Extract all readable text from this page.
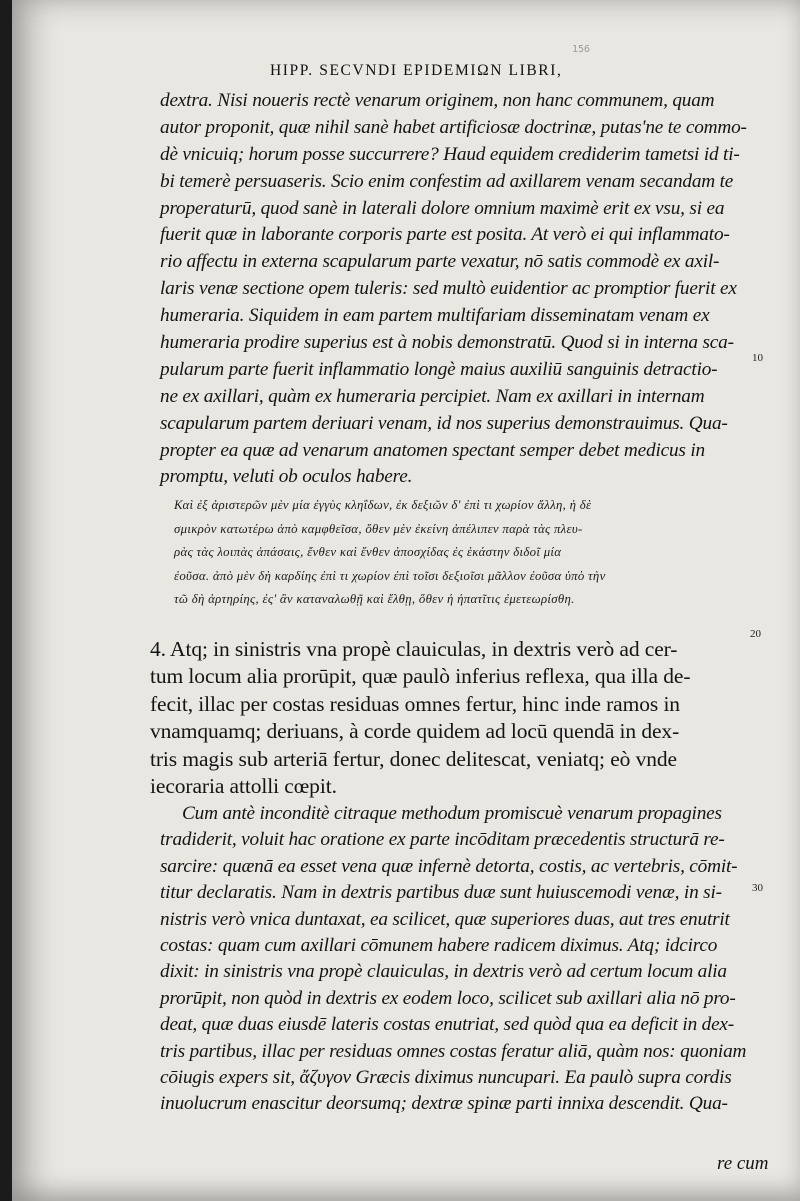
156
HIPP. SECVNDI EPIDEMIΩN LIBRI,
dextra. Nisi noueris rectè venarum originem, non hanc communem, quam
autor proponit, quæ nihil sanè habet artificiosæ doctrinæ, putas'ne te commo-
dè vnicuiq; horum posse succurrere? Haud equidem crediderim tametsi id ti-
bi temerè persuaseris. Scio enim confestim ad axillarem venam secandam te
properaturū, quod sanè in laterali dolore omnium maximè erit ex vsu, si ea
fuerit quæ in laborante corporis parte est posita. At verò ei qui inflammato-
rio affectu in externa scapularum parte vexatur, nō satis commodè ex axil-
laris venæ sectione opem tuleris: sed multò euidentior ac promptior fuerit ex
humeraria. Siquidem in eam partem multifariam disseminatam venam ex
humeraria prodire superius est à nobis demonstratū. Quod si in interna sca-
pularum parte fuerit inflammatio longè maius auxiliū sanguinis detractio-
ne ex axillari, quàm ex humeraria percipiet. Nam ex axillari in internam
scapularum partem deriuari venam, id nos superius demonstrauimus. Qua-
propter ea quæ ad venarum anatomen spectant semper debet medicus in
promptu, veluti ob oculos habere.
Καὶ ἐξ ἀριστερῶν μὲν μία ἐγγὺς κληΐδων, ἐκ δεξιῶν δ' ἐπὶ τι χωρίον ἄλλη, ἡ δὲ
σμικρὸν κατωτέρω ἀπὸ καμφθεῖσα, ὅθεν μὲν ἐκείνη ἀπέλιπεν παρὰ τὰς πλευ-
ρὰς τὰς λοιπὰς ἁπάσαις, ἔνθεν καὶ ἔνθεν ἀποσχίδας ἐς ἑκάστην διδοῖ μία
ἐοῦσα. ἀπὸ μὲν δὴ καρδίης ἐπὶ τι χωρίον ἐπὶ τοῖσι δεξιοῖσι μᾶλλον ἐοῦσα ὑπὸ τὴν
τῶ δὴ ἀρτηρίης, ἐς' ἂν καταναλωθῇ καὶ ἔλθῃ, ὅθεν ἡ ἡπατῖτις ἐμετεωρίσθη.
4. Atq; in sinistris vna propè clauiculas, in dextris verò ad cer-
tum locum alia prorūpit, quæ paulò inferius reflexa, qua illa de-
fecit, illac per costas residuas omnes fertur, hinc inde ramos in
vnamquamq; deriuans, à corde quidem ad locū quendā in dex-
tris magis sub arteriā fertur, donec delitescat, veniatq; eò vnde
iecoraria attolli cœpit.
Cum antè inconditè citraque methodum promiscuè venarum propagines
tradiderit, voluit hac oratione ex parte incōditam præcedentis structurā re-
sarcire: quænā ea esset vena quæ infernè detorta, costis, ac vertebris, cōmit-
titur declaratis. Nam in dextris partibus duæ sunt huiuscemodi venæ, in si-
nistris verò vnica duntaxat, ea scilicet, quæ superiores duas, aut tres enutrit
costas: quam cum axillari cōmunem habere radicem diximus. Atq; idcirco
dixit: in sinistris vna propè clauiculas, in dextris verò ad certum locum alia
prorūpit, non quòd in dextris ex eodem loco, scilicet sub axillari alia nō pro-
deat, quæ duas eiusdē lateris costas enutriat, sed quòd qua ea deficit in dex-
tris partibus, illac per residuas omnes costas feratur aliā, quàm nos: quoniam
cōiugis expers sit, ἄζυγον Græcis diximus nuncupari. Ea paulò supra cordis
inuolucrum enascitur deorsumq; dextræ spinæ parti innixa descendit. Qua-
re cum
10
20
30
